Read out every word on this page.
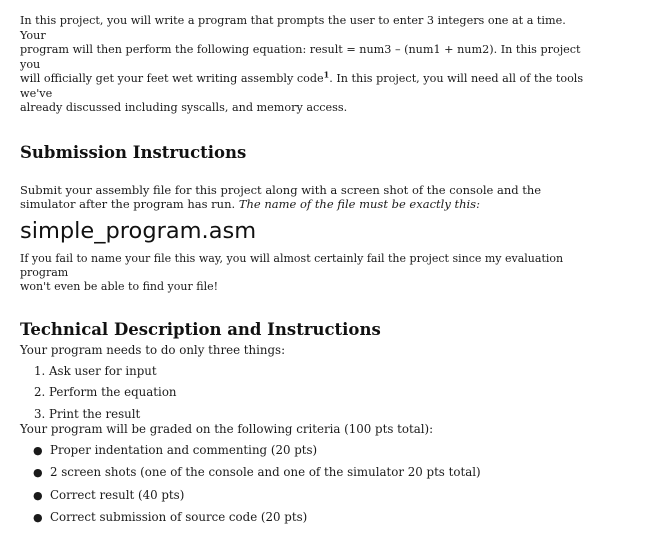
In this project, you will write a program that prompts the user to enter 3 integers one at a time. Your
program will then perform the following equation: result = num3 – (num1 + num2). In this project you
will officially get your feet wet writing assembly code$^1$. In this project, you will need all of the tools we've
already discussed including syscalls, and memory access.

Submission Instructions
Submit your assembly file for this project along with a screen shot of the console and the
simulator after the program has run. The name of the file must be exactly this:
simple_program.asm
If you fail to name your file this way, you will almost certainly fail the project since my evaluation program
won't even be able to find your file!
Technical Description and Instructions
Your program needs to do only three things:
1. Ask user for input
2. Perform the equation
3. Print the result
Your program will be graded on the following criteria (100 pts total):
● Proper indentation and commenting (20 pts)
● 2 screen shots (one of the console and one of the simulator 20 pts total)
● Correct result (40 pts)
● Correct submission of source code (20 pts)
